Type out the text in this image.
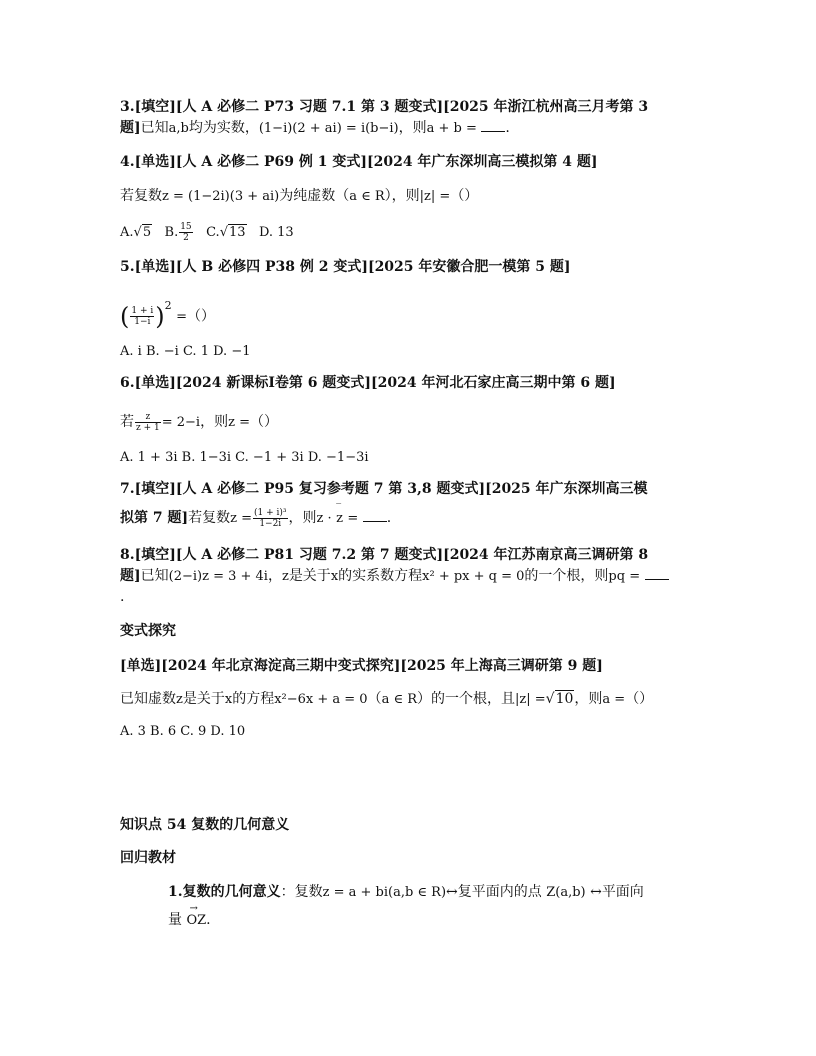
3.[填空][人 A 必修二 P73 习题 7.1 第 3 题变式][2025 年浙江杭州高三月考第 3
题]已知a,b均为实数，(1−i)(2 + ai) = i(b−i)，则a + b = .
4.[单选][人 A 必修二 P69 例 1 变式][2024 年广东深圳高三模拟第 4 题]
若复数z = (1−2i)(3 + ai)为纯虚数（a ∈ R），则|z| =（）
A.√5 B. $\frac{15}{2} C.√13$ D. 13
5.[单选][人 B 必修四 P38 例 2 变式][2025 年安徽合肥一模第 5 题]
( $\frac{1 + i}{1-i} )^2$ =（）
A. i B. −i C. 1 D. −1
6.[单选][2024 新课标Ⅰ卷第 6 题变式][2024 年河北石家庄高三期中第 6 题]
若 $\frac{z}{z + 1} = 2-i$，则z =（）
A. 1 + 3i B. 1−3i C. −1 + 3i D. −1−3i
7.[填空][人 A 必修二 P95 复习参考题 7 第 3,8 题变式][2025 年广东深圳高三模
拟第 7 题]若复数$z = \frac{\text{(1 + i)³}}{1-2i}$ ，则z · ‾ z = .
8.[填空][人 A 必修二 P81 习题 7.2 第 7 题变式][2024 年江苏南京高三调研第 8
题]已知(2−i)z = 3 + 4i，z是关于x的实系数方程x² + px + q = 0的一个根，则pq =
.
变式探究
[单选][2024 年北京海淀高三期中变式探究][2025 年上海高三调研第 9 题]
已知虚数z是关于x的方程x²−6x + a = 0（a ∈ R）的一个根，且|z| =√10，则a =（）
A. 3 B. 6 C. 9 D. 10
知识点 54 复数的几何意义
回归教材
1.复数的几何意义：复数z = a + bi(a,b ∈ R)↔复平面内的点 Z(a,b) ↔平面向
量 → OZ.
